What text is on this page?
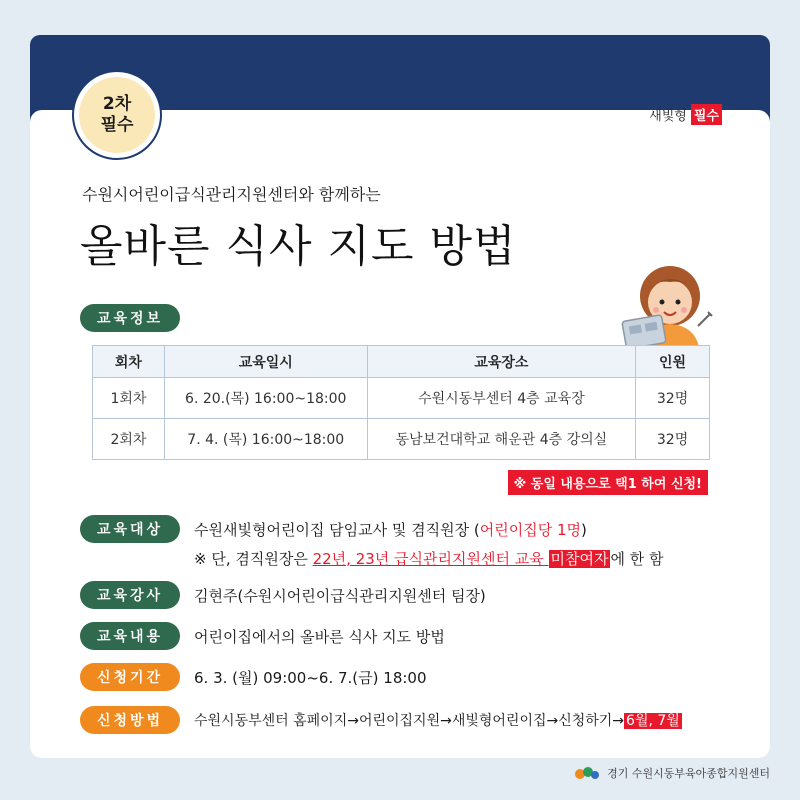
2차
필수	새빛형 필수
수원시어린이급식관리지원센터와 함께하는
올바른 식사 지도 방법
교육정보
회차	교육일시	교육장소	인원
1회차	6. 20.(목) 16:00~18:00	수원시동부센터 4층 교육장	32명
2회차	7. 4. (목) 16:00~18:00	동남보건대학교 해운관 4층 강의실	32명
※ 동일 내용으로 택1 하여 신청!
교육대상	수원새빛형어린이집 담임교사 및 겸직원장 (어린이집당 1명)
※ 단, 겸직원장은 22년, 23년 급식관리지원센터 교육 미참여자 에 한 함
교육강사	김현주(수원시어린이급식관리지원센터 팀장)
교육내용	어린이집에서의 올바른 식사 지도 방법
신청기간	6. 3. (월) 09:00~6. 7.(금) 18:00
신청방법	수원시동부센터 홈페이지→어린이집지원→새빛형어린이집→신청하기→ 6월, 7월
경기 수원시동부육아종합지원센터
